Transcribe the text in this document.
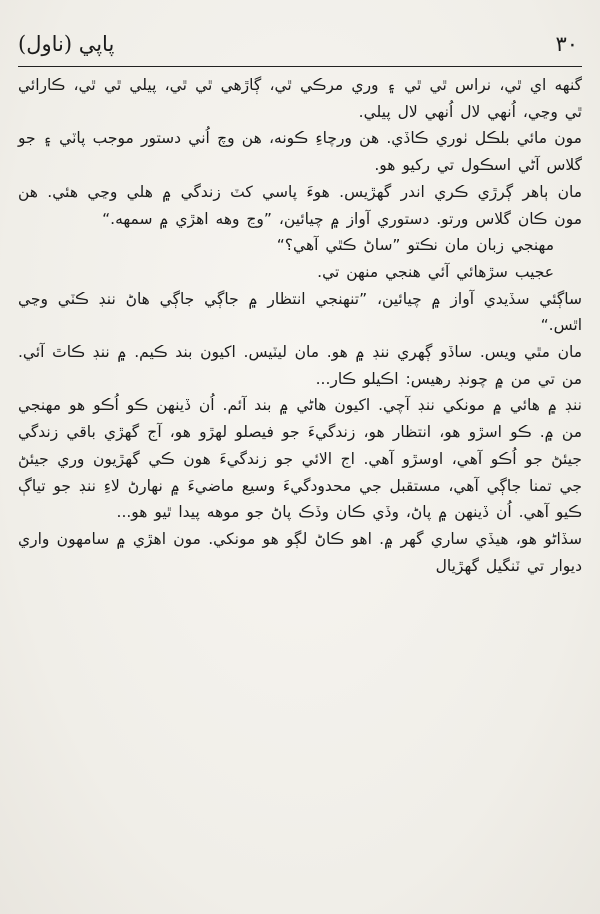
پاپي (ناول)	٣٠

گنهه اي ٿي، نراس ٿي ٿي ۽ وري مرڪي ٿي، ڳاڙهي ٿي ٿي، پيلي ٿي ٿي، ڪارائي ٿي وڃي، اُنهي لال اُنهي لال پيلي.

مون مائي بلڪل ٺوري ڪاڏي. هن ورچاءِ ڪونه، هن وچ اُني دستور موجب پاٽي ۽ جو گلاس آڻي اسڪول تي رکيو هو.

مان ٻاهر ڳرڙي ڪري اندر گهڙيس. هوءَ پاسي کٽ زندگي ۾ هلي وڃي هئي. هن مون ڪان گلاس ورتو. دستوري آواز ۾ چيائين، ”وڃ وهه اهڙي ۾ سمهه.“

مهنجي زبان مان نڪتو ”ساڻ ڪٿي آهي؟“

عجيب سڙهائي آئي هنجي منهن تي.

ساڳئي سڏيدي آواز ۾ چيائين، ”تنهنجي انتظار ۾ جاڳي جاڳي هاڻ ننڊ ڪٽي وڃي اٿس.“

مان مٿي ويس. ساڏو ڳهري ننڊ ۾ هو. مان ليٽيس. اکيون بند ڪيم. ۾ ننڊ ڪاٿ آئي. من تي من ۾ چونڊ رهيس: اڪيلو ڪار...

ننڊ ۾ هائي ۾ مونکي ننڊ آچي. اکيون هاڻي ۾ بند آئم. اُن ڏينهن ڪو اُڪو هو مهنجي من ۾. ڪو اسڙو هو، انتظار هو، زندگيءَ جو فيصلو لهڙو هو، آج گهڙي باقي زندگي جيئڻ جو اُڪو آهي، اوسڙو آهي. اج الائي جو زندگيءَ هون ڪي گهڙيون وري جيئڻ جي تمنا جاڳي آهي، مستقبل جي محدودگيءَ وسيع ماضيءَ ۾ نهارڻ لاءِ ننڊ جو تياڳ ڪيو آهي. اُن ڏينهن ۾ پاڻ، وڏي ڪان وڏڪ پاڻ جو موهه پيدا ٿيو هو...

سڏاڻو هو، هيڏي ساري گهر ۾. اهو ڪاڻ لڳو هو مونکي. مون اهڙي ۾ سامهون واري ديوار تي ٽنگيل گهڙيال
